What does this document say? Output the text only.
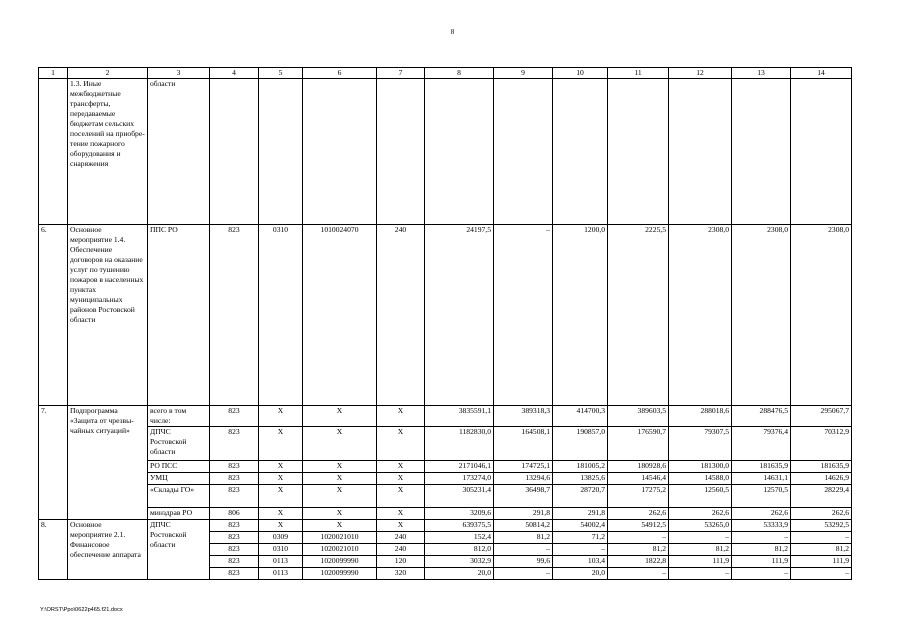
8
1	2	3	4	5	6	7	8	9	10	11	12	13	14
	1.3. Иные межбюджетные трансферты, передаваемые бюджетам сельских поселений на приобре-тение пожарного оборудования и снаряжения	области											
6.	Основное мероприятие 1.4. Обеспечение договоров на оказание услуг по тушению пожаров в населенных пунктах муниципальных районов Ростовской области	ППС РО	823	0310	1010024070	240	24197,5	–	1200,0	2225,5	2308,0	2308,0	2308,0
7.	Подпрограмма «Защита от чрезвы-чайных ситуаций»	всего в том числе:	823	Х	Х	Х	3835591,1	389318,3	414700,3	389603,5	288018,6	288476,5	295067,7
		ДПЧС Ростовской области	823	Х	Х	Х	1182830,0	164508,1	190857,0	176590,7	79307,5	79376,4	70312,9
		РО ПСС	823	Х	Х	Х	2171046,1	174725,1	181005,2	180928,6	181300,0	181635,9	181635,9
		УМЦ	823	Х	Х	Х	173274,0	13294,6	13825,6	14546,4	14588,0	14631,1	14626,9
		«Склады ГО»	823	Х	Х	Х	305231,4	36498,7	28720,7	17275,2	12560,5	12570,5	28229,4
		минздрав РО	806	Х	Х	Х	3209,6	291,8	291,8	262,6	262,6	262,6	262,6
8.	Основное мероприятие 2.1. Финансовое обеспечение аппарата	ДПЧС Ростовской области	823	Х	Х	Х	639375,5	50814,2	54002,4	54912,5	53265,0	53333,9	53292,5
			823	0309	1020021010	240	152,4	81,2	71,2	–	–	–	–
			823	0310	1020021010	240	812,0	–	–	81,2	81,2	81,2	81,2
			823	0113	1020099990	120	3032,9	99,6	103,4	1822,8	111,9	111,9	111,9
			823	0113	1020099990	320	20,0	–	20,0	–	–	–	–
Y:\ORST\Ppo\0622p465.f21.docx
